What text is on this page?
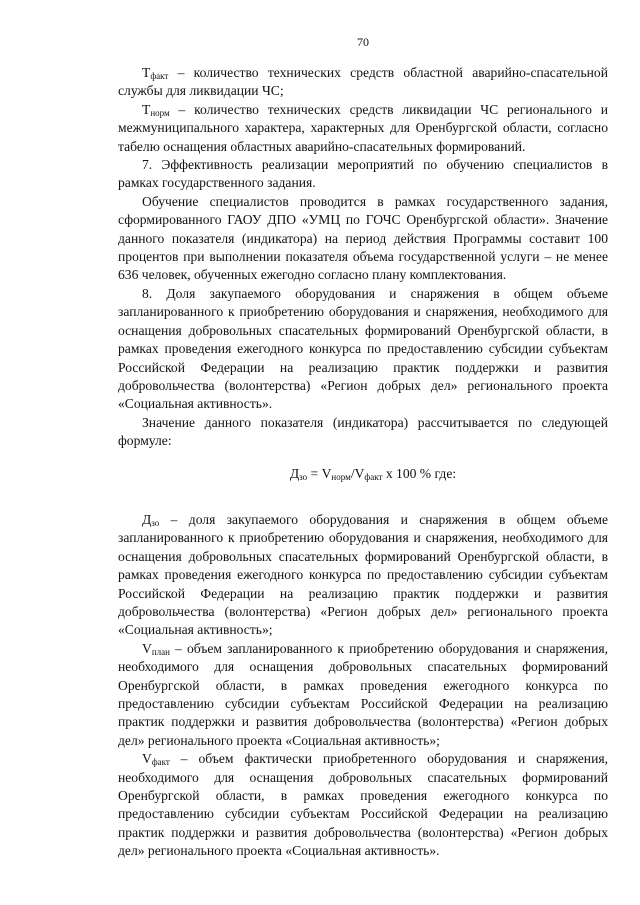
70

$Т_{факт}$ – количество технических средств областной аварийно-спасательной службы для ликвидации ЧС;

$Т_{норм}$ – количество технических средств ликвидации ЧС регионального и межмуниципального характера, характерных для Оренбургской области, согласно табелю оснащения областных аварийно-спасательных формирований.

7. Эффективность реализации мероприятий по обучению специалистов в рамках государственного задания.

Обучение специалистов проводится в рамках государственного задания, сформированного ГАОУ ДПО «УМЦ по ГОЧС Оренбургской области». Значение данного показателя (индикатора) на период действия Программы составит 100 процентов при выполнении показателя объема государственной услуги – не менее 636 человек, обученных ежегодно согласно плану комплектования.

8. Доля закупаемого оборудования и снаряжения в общем объеме запланированного к приобретению оборудования и снаряжения, необходимого для оснащения добровольных спасательных формирований Оренбургской области, в рамках проведения ежегодного конкурса по предоставлению субсидии субъектам Российской Федерации на реализацию практик поддержки и развития добровольчества (волонтерства) «Регион добрых дел» регионального проекта «Социальная активность».

Значение данного показателя (индикатора) рассчитывается по следующей формуле:

$Д_{зо} = V_{норм}/V_{факт}$ х 100 % где:

$Д_{зо}$ – доля закупаемого оборудования и снаряжения в общем объеме запланированного к приобретению оборудования и снаряжения, необходимого для оснащения добровольных спасательных формирований Оренбургской области, в рамках проведения ежегодного конкурса по предоставлению субсидии субъектам Российской Федерации на реализацию практик поддержки и развития добровольчества (волонтерства) «Регион добрых дел» регионального проекта «Социальная активность»;

$V_{план}$ – объем запланированного к приобретению оборудования и снаряжения, необходимого для оснащения добровольных спасательных формирований Оренбургской области, в рамках проведения ежегодного конкурса по предоставлению субсидии субъектам Российской Федерации на реализацию практик поддержки и развития добровольчества (волонтерства) «Регион добрых дел» регионального проекта «Социальная активность»;

$V_{факт}$ – объем фактически приобретенного оборудования и снаряжения, необходимого для оснащения добровольных спасательных формирований Оренбургской области, в рамках проведения ежегодного конкурса по предоставлению субсидии субъектам Российской Федерации на реализацию практик поддержки и развития добровольчества (волонтерства) «Регион добрых дел» регионального проекта «Социальная активность».
